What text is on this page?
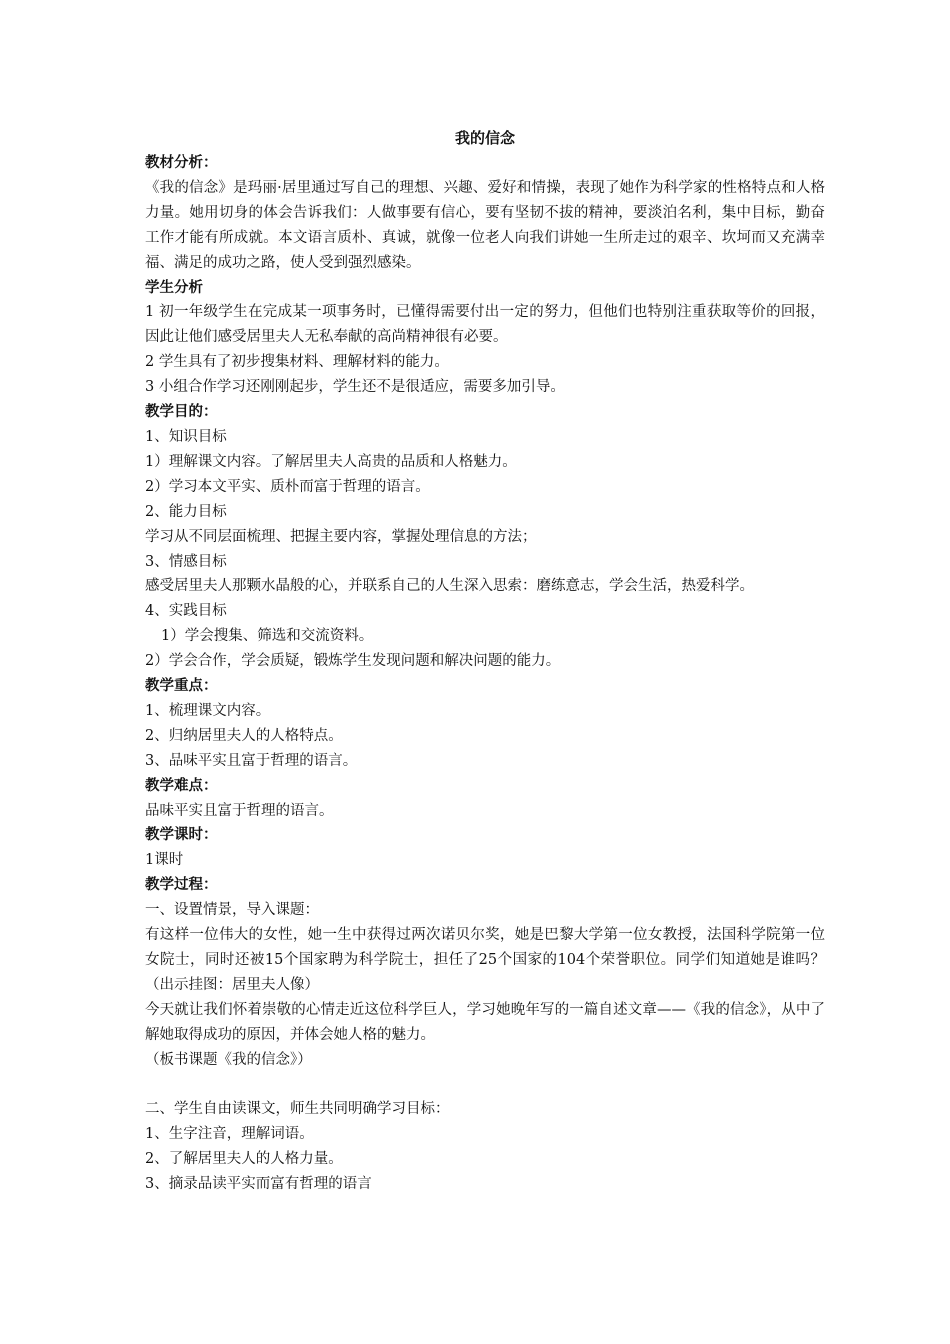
我的信念
教材分析：
《我的信念》是玛丽·居里通过写自己的理想、兴趣、爱好和情操，表现了她作为科学家的性格特点和人格力量。她用切身的体会告诉我们：人做事要有信心，要有坚韧不拔的精神，要淡泊名利，集中目标，勤奋工作才能有所成就。本文语言质朴、真诚，就像一位老人向我们讲她一生所走过的艰辛、坎坷而又充满幸福、满足的成功之路，使人受到强烈感染。
学生分析
1 初一年级学生在完成某一项事务时，已懂得需要付出一定的努力，但他们也特别注重获取等价的回报，因此让他们感受居里夫人无私奉献的高尚精神很有必要。
2 学生具有了初步搜集材料、理解材料的能力。
3 小组合作学习还刚刚起步，学生还不是很适应，需要多加引导。
教学目的：
1、知识目标
1）理解课文内容。了解居里夫人高贵的品质和人格魅力。
2）学习本文平实、质朴而富于哲理的语言。
2、能力目标
学习从不同层面梳理、把握主要内容，掌握处理信息的方法；
3、情感目标
感受居里夫人那颗水晶般的心，并联系自己的人生深入思索：磨练意志，学会生活，热爱科学。
4、实践目标
1）学会搜集、筛选和交流资料。
2）学会合作，学会质疑，锻炼学生发现问题和解决问题的能力。
教学重点：
1、梳理课文内容。
2、归纳居里夫人的人格特点。
3、品味平实且富于哲理的语言。
教学难点：
品味平实且富于哲理的语言。
教学课时：
1课时
教学过程：
一、设置情景，导入课题：
有这样一位伟大的女性，她一生中获得过两次诺贝尔奖，她是巴黎大学第一位女教授，法国科学院第一位女院士，同时还被15个国家聘为科学院士，担任了25个国家的104个荣誉职位。同学们知道她是谁吗？（出示挂图：居里夫人像）
今天就让我们怀着崇敬的心情走近这位科学巨人，学习她晚年写的一篇自述文章——《我的信念》，从中了解她取得成功的原因，并体会她人格的魅力。
（板书课题《我的信念》）
二、学生自由读课文，师生共同明确学习目标：
1、生字注音，理解词语。
2、了解居里夫人的人格力量。
3、摘录品读平实而富有哲理的语言
